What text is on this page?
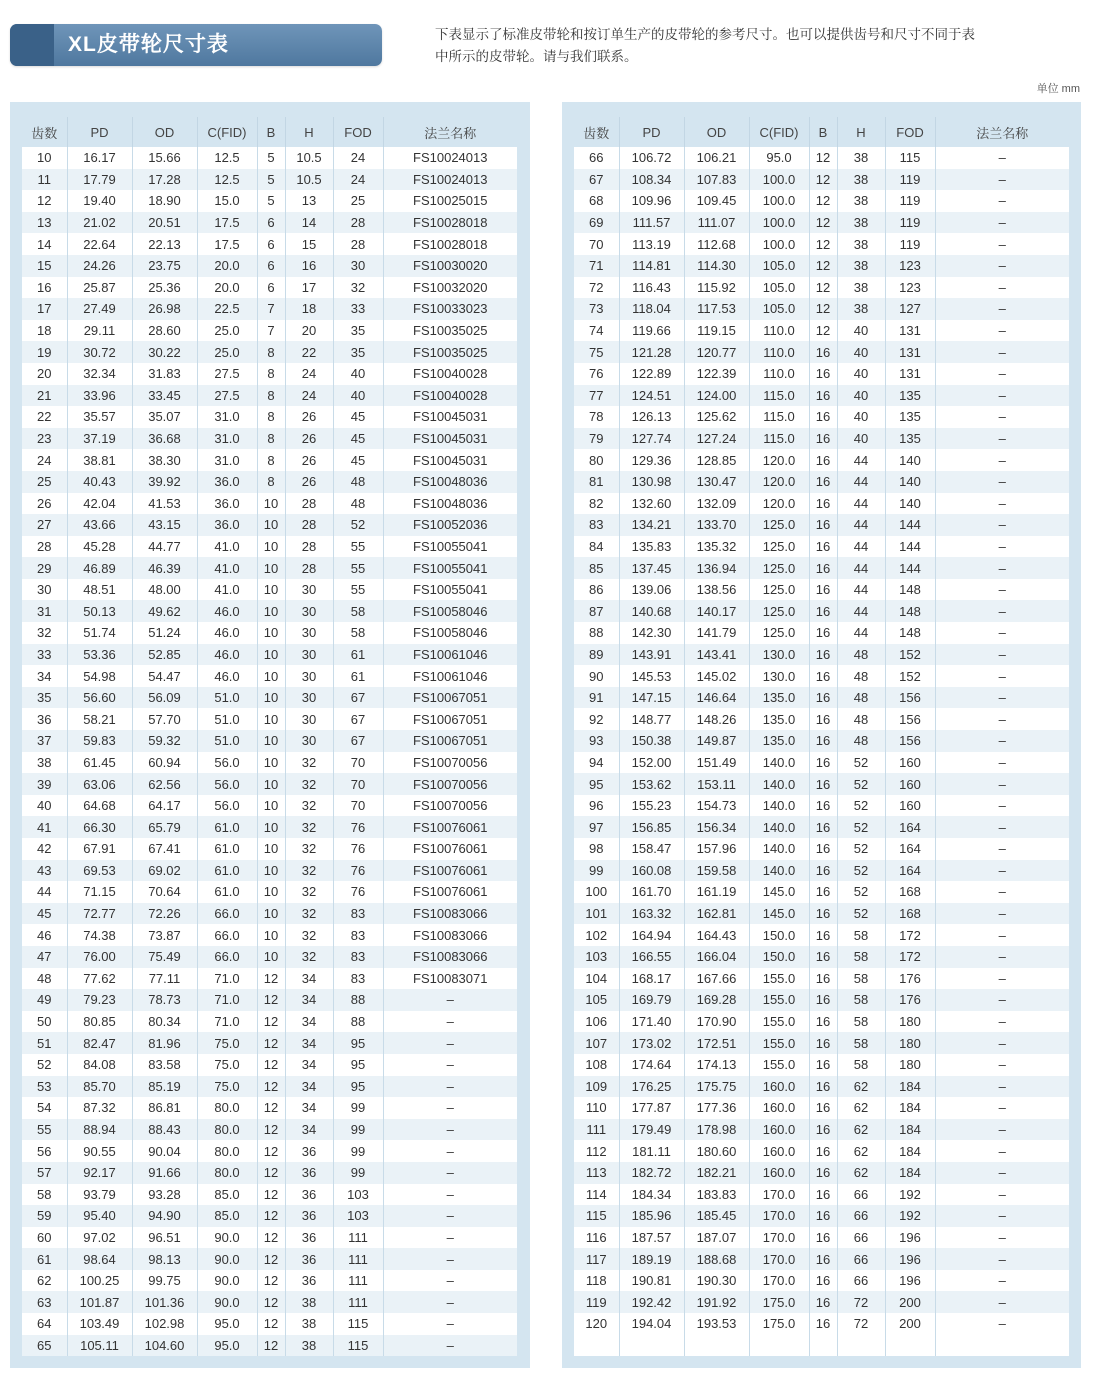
XL皮带轮尺寸表	下表显示了标准皮带轮和按订单生产的皮带轮的参考尺寸。也可以提供齿号和尺寸不同于表中所示的皮带轮。请与我们联系。
单位 mm
齿数	PD	OD	C(FID)	B	H	FOD	法兰名称
10	16.17	15.66	12.5	5	10.5	24	FS10024013
11	17.79	17.28	12.5	5	10.5	24	FS10024013
12	19.40	18.90	15.0	5	13	25	FS10025015
13	21.02	20.51	17.5	6	14	28	FS10028018
14	22.64	22.13	17.5	6	15	28	FS10028018
15	24.26	23.75	20.0	6	16	30	FS10030020
16	25.87	25.36	20.0	6	17	32	FS10032020
17	27.49	26.98	22.5	7	18	33	FS10033023
18	29.11	28.60	25.0	7	20	35	FS10035025
19	30.72	30.22	25.0	8	22	35	FS10035025
20	32.34	31.83	27.5	8	24	40	FS10040028
21	33.96	33.45	27.5	8	24	40	FS10040028
22	35.57	35.07	31.0	8	26	45	FS10045031
23	37.19	36.68	31.0	8	26	45	FS10045031
24	38.81	38.30	31.0	8	26	45	FS10045031
25	40.43	39.92	36.0	8	26	48	FS10048036
26	42.04	41.53	36.0	10	28	48	FS10048036
27	43.66	43.15	36.0	10	28	52	FS10052036
28	45.28	44.77	41.0	10	28	55	FS10055041
29	46.89	46.39	41.0	10	28	55	FS10055041
30	48.51	48.00	41.0	10	30	55	FS10055041
31	50.13	49.62	46.0	10	30	58	FS10058046
32	51.74	51.24	46.0	10	30	58	FS10058046
33	53.36	52.85	46.0	10	30	61	FS10061046
34	54.98	54.47	46.0	10	30	61	FS10061046
35	56.60	56.09	51.0	10	30	67	FS10067051
36	58.21	57.70	51.0	10	30	67	FS10067051
37	59.83	59.32	51.0	10	30	67	FS10067051
38	61.45	60.94	56.0	10	32	70	FS10070056
39	63.06	62.56	56.0	10	32	70	FS10070056
40	64.68	64.17	56.0	10	32	70	FS10070056
41	66.30	65.79	61.0	10	32	76	FS10076061
42	67.91	67.41	61.0	10	32	76	FS10076061
43	69.53	69.02	61.0	10	32	76	FS10076061
44	71.15	70.64	61.0	10	32	76	FS10076061
45	72.77	72.26	66.0	10	32	83	FS10083066
46	74.38	73.87	66.0	10	32	83	FS10083066
47	76.00	75.49	66.0	10	32	83	FS10083066
48	77.62	77.11	71.0	12	34	83	FS10083071
49	79.23	78.73	71.0	12	34	88	–
50	80.85	80.34	71.0	12	34	88	–
51	82.47	81.96	75.0	12	34	95	–
52	84.08	83.58	75.0	12	34	95	–
53	85.70	85.19	75.0	12	34	95	–
54	87.32	86.81	80.0	12	34	99	–
55	88.94	88.43	80.0	12	34	99	–
56	90.55	90.04	80.0	12	36	99	–
57	92.17	91.66	80.0	12	36	99	–
58	93.79	93.28	85.0	12	36	103	–
59	95.40	94.90	85.0	12	36	103	–
60	97.02	96.51	90.0	12	36	111	–
61	98.64	98.13	90.0	12	36	111	–
62	100.25	99.75	90.0	12	36	111	–
63	101.87	101.36	90.0	12	38	111	–
64	103.49	102.98	95.0	12	38	115	–
65	105.11	104.60	95.0	12	38	115	–
齿数	PD	OD	C(FID)	B	H	FOD	法兰名称
66	106.72	106.21	95.0	12	38	115	–
67	108.34	107.83	100.0	12	38	119	–
68	109.96	109.45	100.0	12	38	119	–
69	111.57	111.07	100.0	12	38	119	–
70	113.19	112.68	100.0	12	38	119	–
71	114.81	114.30	105.0	12	38	123	–
72	116.43	115.92	105.0	12	38	123	–
73	118.04	117.53	105.0	12	38	127	–
74	119.66	119.15	110.0	12	40	131	–
75	121.28	120.77	110.0	16	40	131	–
76	122.89	122.39	110.0	16	40	131	–
77	124.51	124.00	115.0	16	40	135	–
78	126.13	125.62	115.0	16	40	135	–
79	127.74	127.24	115.0	16	40	135	–
80	129.36	128.85	120.0	16	44	140	–
81	130.98	130.47	120.0	16	44	140	–
82	132.60	132.09	120.0	16	44	140	–
83	134.21	133.70	125.0	16	44	144	–
84	135.83	135.32	125.0	16	44	144	–
85	137.45	136.94	125.0	16	44	144	–
86	139.06	138.56	125.0	16	44	148	–
87	140.68	140.17	125.0	16	44	148	–
88	142.30	141.79	125.0	16	44	148	–
89	143.91	143.41	130.0	16	48	152	–
90	145.53	145.02	130.0	16	48	152	–
91	147.15	146.64	135.0	16	48	156	–
92	148.77	148.26	135.0	16	48	156	–
93	150.38	149.87	135.0	16	48	156	–
94	152.00	151.49	140.0	16	52	160	–
95	153.62	153.11	140.0	16	52	160	–
96	155.23	154.73	140.0	16	52	160	–
97	156.85	156.34	140.0	16	52	164	–
98	158.47	157.96	140.0	16	52	164	–
99	160.08	159.58	140.0	16	52	164	–
100	161.70	161.19	145.0	16	52	168	–
101	163.32	162.81	145.0	16	52	168	–
102	164.94	164.43	150.0	16	58	172	–
103	166.55	166.04	150.0	16	58	172	–
104	168.17	167.66	155.0	16	58	176	–
105	169.79	169.28	155.0	16	58	176	–
106	171.40	170.90	155.0	16	58	180	–
107	173.02	172.51	155.0	16	58	180	–
108	174.64	174.13	155.0	16	58	180	–
109	176.25	175.75	160.0	16	62	184	–
110	177.87	177.36	160.0	16	62	184	–
111	179.49	178.98	160.0	16	62	184	–
112	181.11	180.60	160.0	16	62	184	–
113	182.72	182.21	160.0	16	62	184	–
114	184.34	183.83	170.0	16	66	192	–
115	185.96	185.45	170.0	16	66	192	–
116	187.57	187.07	170.0	16	66	196	–
117	189.19	188.68	170.0	16	66	196	–
118	190.81	190.30	170.0	16	66	196	–
119	192.42	191.92	175.0	16	72	200	–
120	194.04	193.53	175.0	16	72	200	–
